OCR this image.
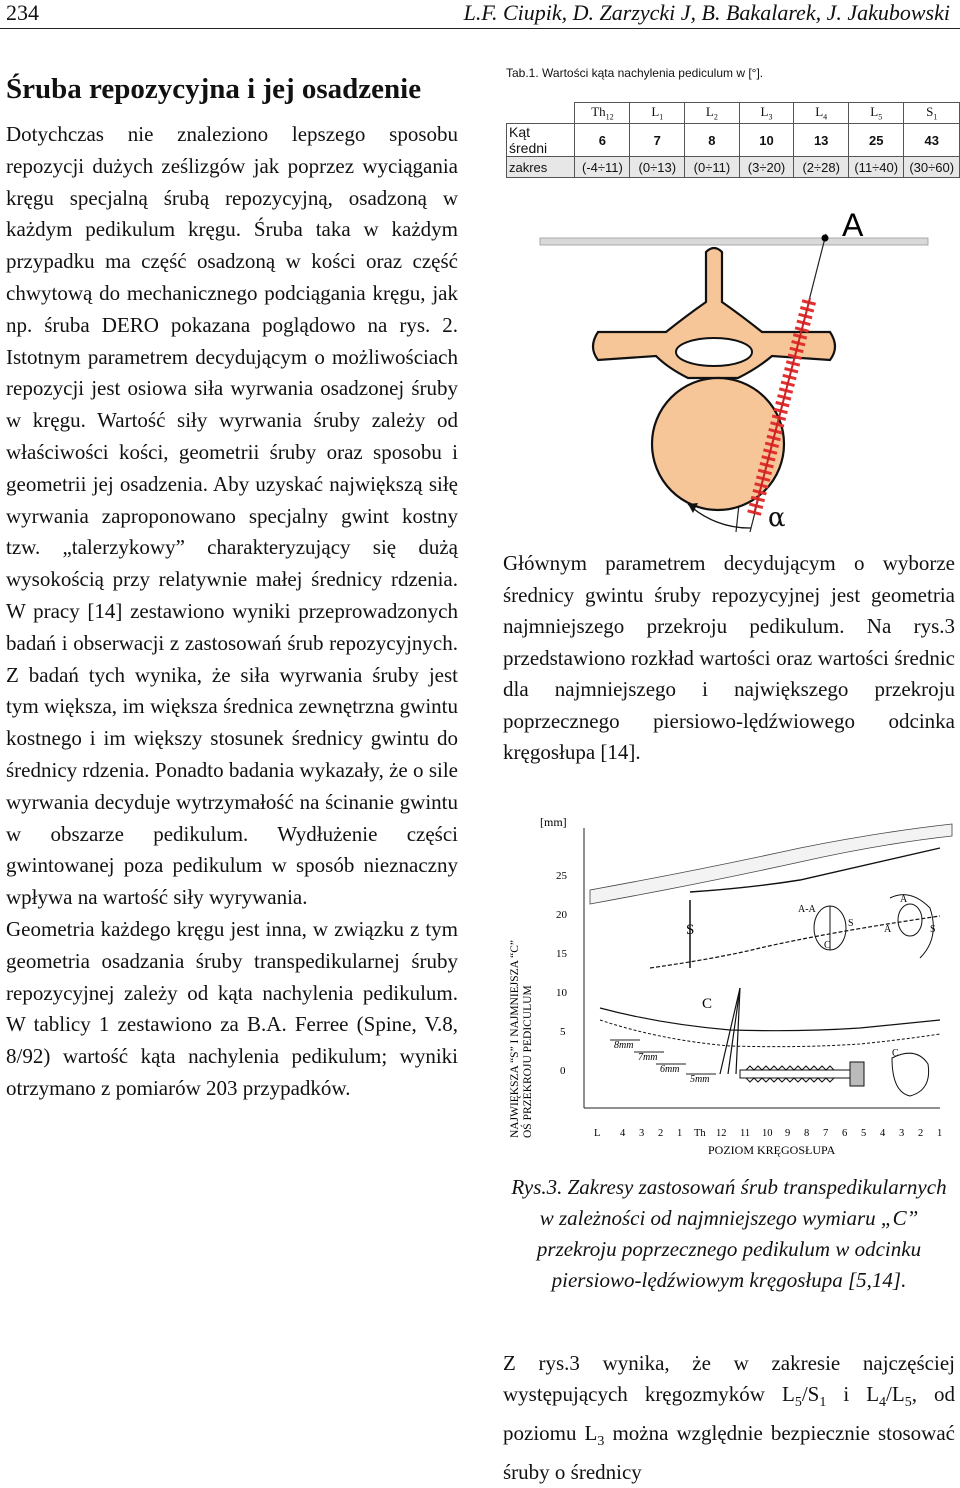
234	L.F. Ciupik, D. Zarzycki J, B. Bakalarek, J. Jakubowski
Śruba repozycyjna i jej osadzenie

Dotychczas nie znaleziono lepszego sposobu repozycji dużych ześlizgów jak poprzez wyciągania kręgu specjalną śrubą repozycyjną, osadzoną w każdym pedikulum kręgu. Śruba taka w każdym przypadku ma część osadzoną w kości oraz część chwytową do mechanicznego podciągania kręgu, jak np. śruba DERO pokazana poglądowo na rys. 2. Istotnym parametrem decydującym o możliwościach repozycji jest osiowa siła wyrwania osadzonej śruby w kręgu. Wartość siły wyrwania śruby zależy od właściwości kości, geometrii śruby oraz sposobu i geometrii jej osadzenia. Aby uzyskać największą siłę wyrwania zaproponowano specjalny gwint kostny tzw. „talerzykowy” charakteryzujący się dużą wysokością przy relatywnie małej średnicy rdzenia. W pracy [14] zestawiono wyniki przeprowadzonych badań i obserwacji z zastosowań śrub repozycyjnych. Z badań tych wynika, że siła wyrwania śruby jest tym większa, im większa średnica zewnętrzna gwintu kostnego i im większy stosunek średnicy gwintu do średnicy rdzenia. Ponadto badania wykazały, że o sile wyrwania decyduje wytrzymałość na ścinanie gwintu w obszarze pedikulum. Wydłużenie części gwintowanej poza pedikulum w sposób nieznaczny wpływa na wartość siły wyrywania.

Geometria każdego kręgu jest inna, w związku z tym geometria osadzania śruby transpedikularnej śruby repozycyjnej zależy od kąta nachylenia pedikulum. W tablicy 1 zestawiono za B.A. Ferree (Spine, V.8, 8/92) wartość kąta nachylenia pedikulum; wyniki otrzymano z pomiarów 203 przypadków.

Tab.1. Wartości kąta nachylenia pediculum w [°].
	$Th_{12}$	$L_1$	$L_2$	$L_3$	$L_4$	$L_5$	$S_1$
Kąt średni	6	7	8	10	13	25	43
zakres	(-4÷11)	(0÷13)	(0÷11)	(3÷20)	(2÷28)	(11÷40)	(30÷60)
A
α

Głównym parametrem decydującym o wyborze średnicy gwintu śruby repozycyjnej jest geometria najmniejszego przekroju pedikulum. Na rys.3 przedstawiono rozkład wartości oraz wartości średnic dla najmniejszego i największego przekroju poprzecznego piersiowo-lędźwiowego odcinka kręgosłupa [14].

[mm]
NAJWIĘKSZA “S” I NAJMNIEJSZA “C” OŚ PRZEKROJU PEDICULUM 0
5
10
15
20
25
S
C
8mm
7mm
6mm
5mm
A-A
S
C
A
A	S
C
L 4 3 2 1 Th 12 11 10 9 8 7 6 5 4 3 2 1
POZIOM KRĘGOSŁUPA

Rys.3. Zakresy zastosowań śrub transpedikularnych w zależności od najmniejszego wymiaru „C” przekroju poprzecznego pedikulum w odcinku piersiowo-lędźwiowym kręgosłupa [5,14].

Z rys.3 wynika, że w zakresie najczęściej występujących kręgozmyków $L_5/S_1$ i $L_4/L_5$, od poziomu $L_3$ można względnie bezpiecznie stosować śruby o średnicy
